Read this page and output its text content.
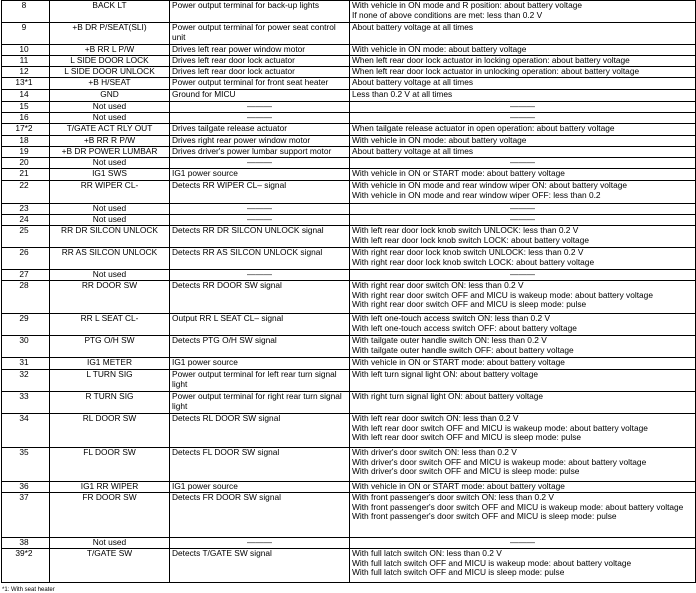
8	BACK LT	Power output terminal for back-up lights	With vehicle in ON mode and R position: about battery voltage
If none of above conditions are met: less than 0.2 V

9	+B DR P/SEAT(SLI)	Power output terminal for power seat control unit	About battery voltage at all times

10	+B RR L P/W	Drives left rear power window motor	With vehicle in ON mode: about battery voltage

11	L SIDE DOOR LOCK	Drives left rear door lock actuator	When left rear door lock actuator in locking operation: about battery voltage

12	L SIDE DOOR UNLOCK	Drives left rear door lock actuator	When left rear door lock actuator in unlocking operation: about battery voltage

13*1	+B H/SEAT	Power output terminal for front seat heater	About battery voltage at all times

14	GND	Ground for MICU	Less than 0.2 V at all times

15	Not used	———	———

16	Not used	———	———

17*2	T/GATE ACT RLY OUT	Drives tailgate release actuator	When tailgate release actuator in open operation: about battery voltage

18	+B RR R P/W	Drives right rear power window motor	With vehicle in ON mode: about battery voltage

19	+B DR POWER LUMBAR	Drives driver's power lumbar support motor	About battery voltage at all times

20	Not used	———	———

21	IG1 SWS	IG1 power source	With vehicle in ON or START mode: about battery voltage

22	RR WIPER CL-	Detects RR WIPER CL– signal	With vehicle in ON mode and rear window wiper ON: about battery voltage
With vehicle in ON mode and rear window wiper OFF: less than 0.2

23	Not used	———	———

24	Not used	———	———

25	RR DR SILCON UNLOCK	Detects RR DR SILCON UNLOCK signal	With left rear door lock knob switch UNLOCK: less than 0.2 V
With left rear door lock knob switch LOCK: about battery voltage

26	RR AS SILCON UNLOCK	Detects RR AS SILCON UNLOCK signal	With right rear door lock knob switch UNLOCK: less than 0.2 V
With right rear door lock knob switch LOCK: about battery voltage

27	Not used	———	———

28	RR DOOR SW	Detects RR DOOR SW signal	With right rear door switch ON: less than 0.2 V
With right rear door switch OFF and MICU is wakeup mode: about battery voltage
With right rear door switch OFF and MICU is sleep mode: pulse

29	RR L SEAT CL-	Output RR L SEAT CL– signal	With left one-touch access switch ON: less than 0.2 V
With left one-touch access switch OFF: about battery voltage

30	PTG O/H SW	Detects PTG O/H SW signal	With tailgate outer handle switch ON: less than 0.2 V
With tailgate outer handle switch OFF: about battery voltage

31	IG1 METER	IG1 power source	With vehicle in ON or START mode: about battery voltage

32	L TURN SIG	Power output terminal for left rear turn signal light	With left turn signal light ON: about battery voltage

33	R TURN SIG	Power output terminal for right rear turn signal light	With right turn signal light ON: about battery voltage

34	RL DOOR SW	Detects RL DOOR SW signal	With left rear door switch ON: less than 0.2 V
With left rear door switch OFF and MICU is wakeup mode: about battery voltage
With left rear door switch OFF and MICU is sleep mode: pulse

35	FL DOOR SW	Detects FL DOOR SW signal	With driver's door switch ON: less than 0.2 V
With driver's door switch OFF and MICU is wakeup mode: about battery voltage
With driver's door switch OFF and MICU is sleep mode: pulse

36	IG1 RR WIPER	IG1 power source	With vehicle in ON or START mode: about battery voltage

37	FR DOOR SW	Detects FR DOOR SW signal	With front passenger's door switch ON: less than 0.2 V
With front passenger's door switch OFF and MICU is wakeup mode: about battery voltage
With front passenger's door switch OFF and MICU is sleep mode: pulse

38	Not used	———	———

39*2	T/GATE SW	Detects T/GATE SW signal	With full latch switch ON: less than 0.2 V
With full latch switch OFF and MICU is wakeup mode: about battery voltage
With full latch switch OFF and MICU is sleep mode: pulse
*1: With seat heater
